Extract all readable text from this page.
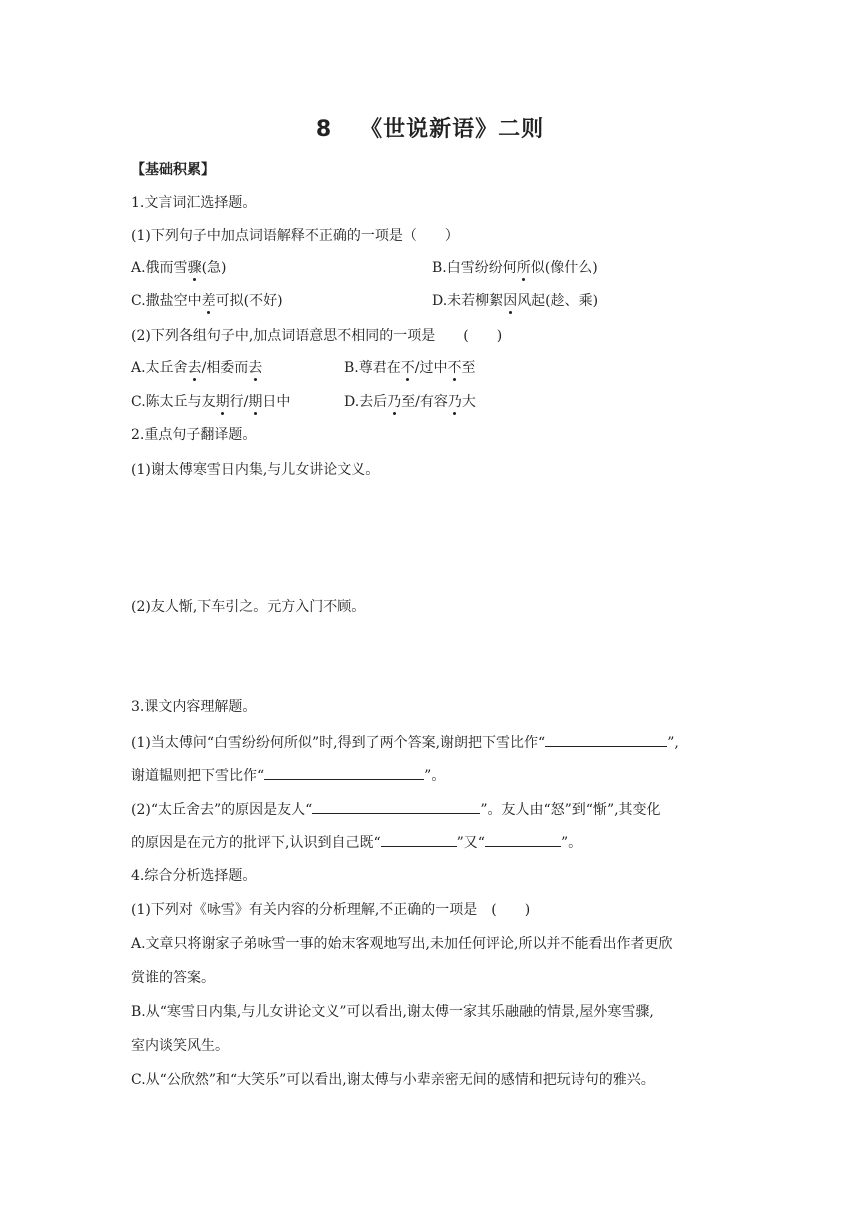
8 《世说新语》二则
【基础积累】
1.文言词汇选择题。
(1)下列句子中加点词语解释不正确的一项是（　　）
A.俄而雪骤(急)	B.白雪纷纷何所似(像什么)
C.撒盐空中差可拟(不好)	D.未若柳絮因风起(趁、乘)
(2)下列各组句子中,加点词语意思不相同的一项是　　(　　)
A.太丘舍去/相委而去	B.尊君在不/过中不至
C.陈太丘与友期行/期日中	D.去后乃至/有容乃大
2.重点句子翻译题。
(1)谢太傅寒雪日内集,与儿女讲论文义。
(2)友人惭,下车引之。元方入门不顾。
3.课文内容理解题。
(1)当太傅问“白雪纷纷何所似”时,得到了两个答案,谢朗把下雪比作“	”,
谢道韫则把下雪比作“	”。
(2)“太丘舍去”的原因是友人“	”。友人由“怒”到“惭”,其变化
的原因是在元方的批评下,认识到自己既“	”又“	”。
4.综合分析选择题。
(1)下列对《咏雪》有关内容的分析理解,不正确的一项是　(　　)
A.文章只将谢家子弟咏雪一事的始末客观地写出,未加任何评论,所以并不能看出作者更欣
赏谁的答案。
B.从“寒雪日内集,与儿女讲论文义”可以看出,谢太傅一家其乐融融的情景,屋外寒雪骤,
室内谈笑风生。
C.从“公欣然”和“大笑乐”可以看出,谢太傅与小辈亲密无间的感情和把玩诗句的雅兴。
